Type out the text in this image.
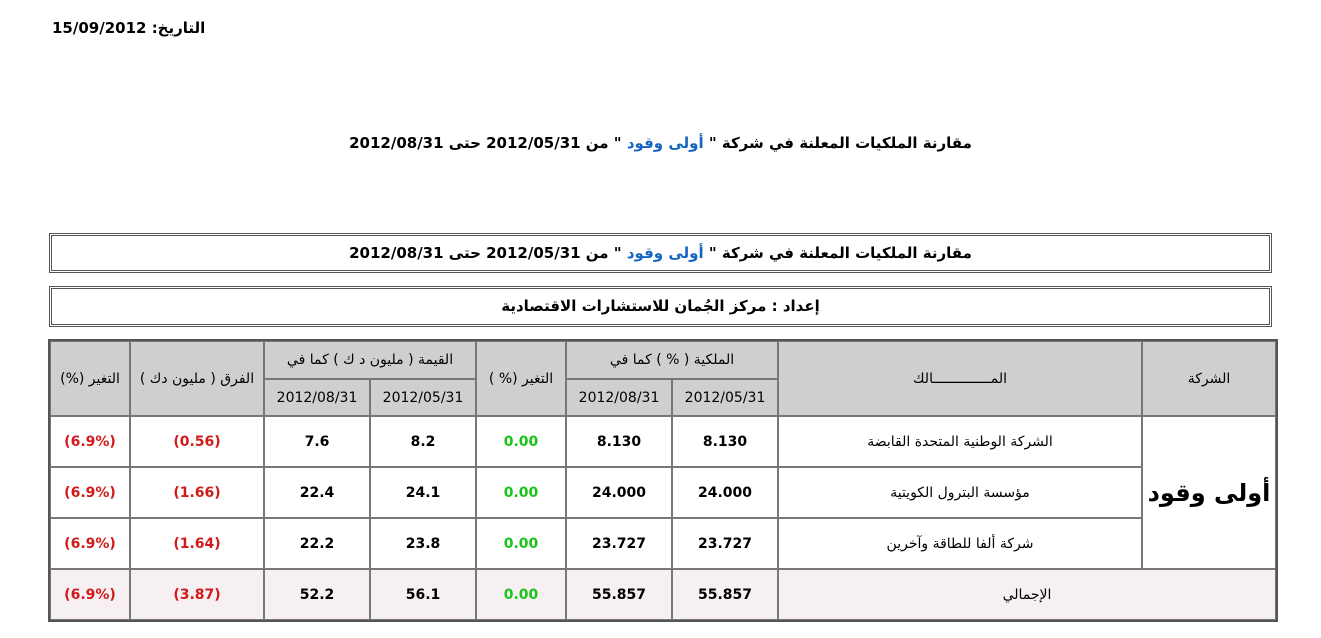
التاريخ: 15/09/2012
مقارنة الملكيات المعلنة في شركة " أولى وقود " من 2012/05/31 حتى 2012/08/31
مقارنة الملكيات المعلنة في شركة " أولى وقود " من 2012/05/31 حتى 2012/08/31
إعداد : مركز الجُمان للاستشارات الاقتصادية
الشركة	المــــــــــــــالك	الملكية ( % ) كما في		التغير (% )	القيمة ( مليون د ك ) كما في		الفرق ( مليون دك )	التغير (%)
		2012/05/31	2012/08/31		2012/05/31	2012/08/31		
أولى وقود	الشركة الوطنية المتحدة القابضة	8.130	8.130	0.00	8.2	7.6	(0.56)	(6.9%)
	مؤسسة البترول الكويتية	24.000	24.000	0.00	24.1	22.4	(1.66)	(6.9%)
	شركة ألفا للطاقة وآخرين	23.727	23.727	0.00	23.8	22.2	(1.64)	(6.9%)
الإجمالي		55.857	55.857	0.00	56.1	52.2	(3.87)	(6.9%)
